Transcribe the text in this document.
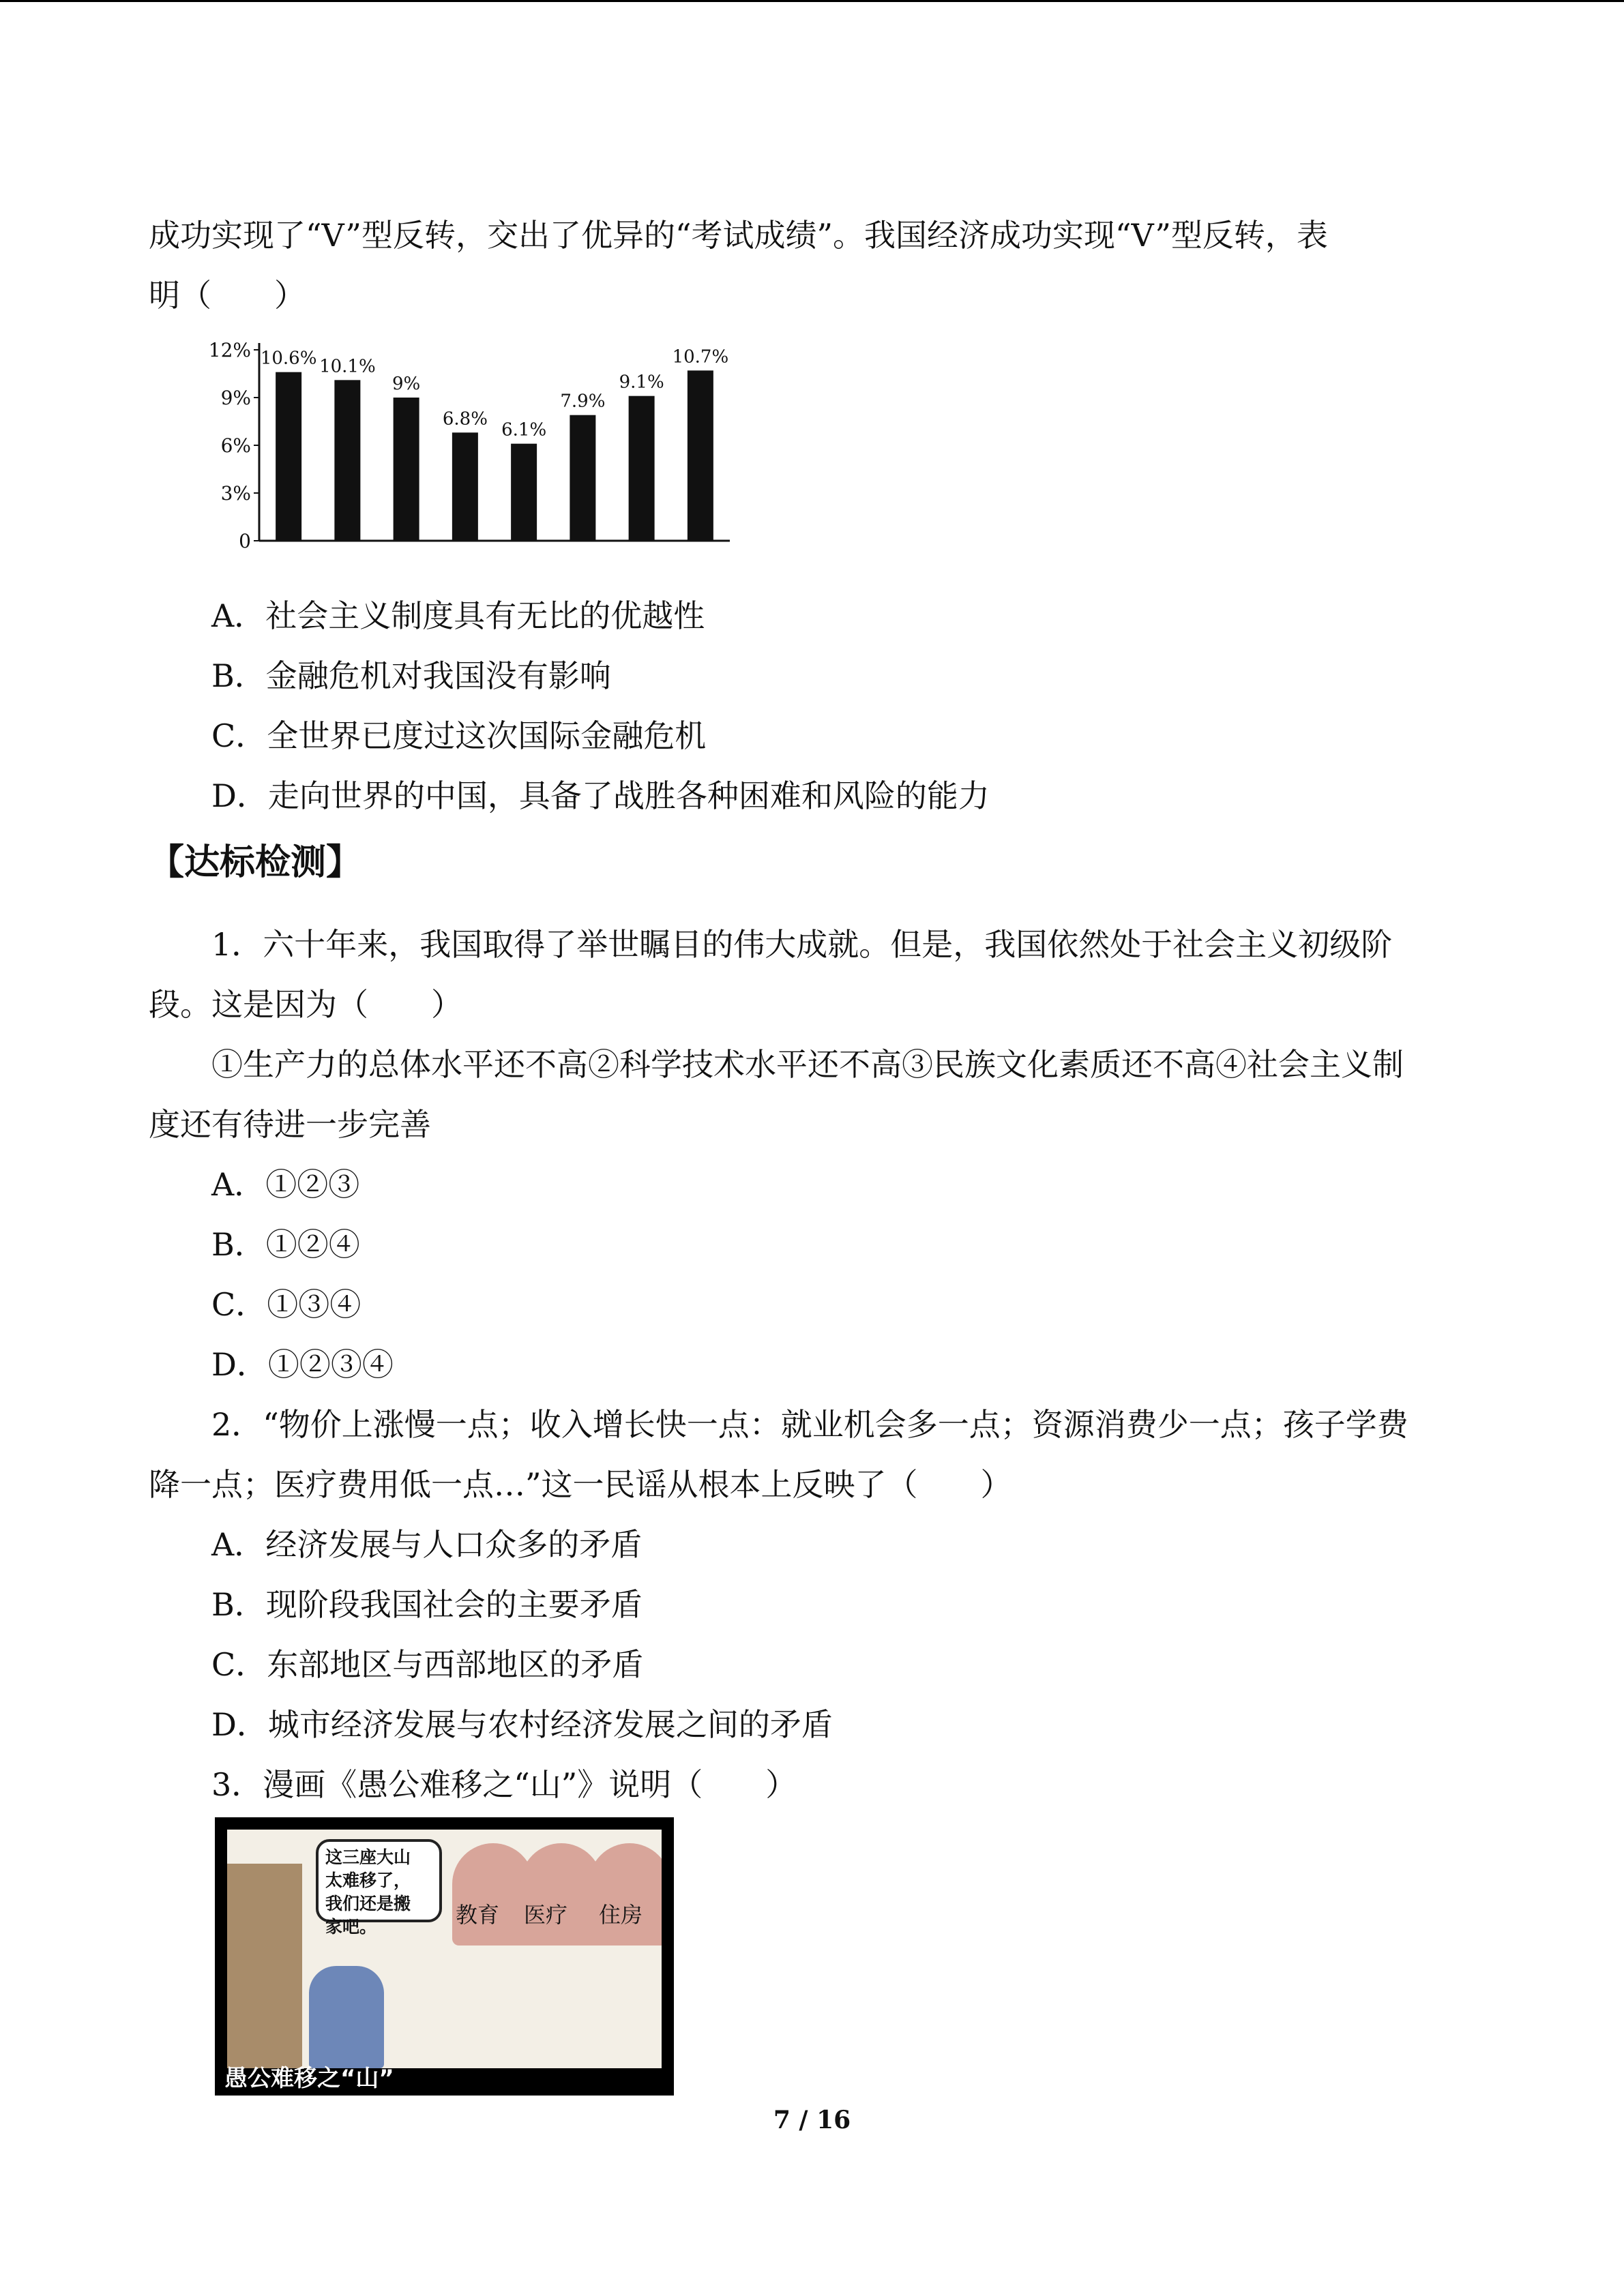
成功实现了“V”型反转，交出了优异的“考试成绩”。我国经济成功实现“V”型反转，表
明（　　）
0
3%
6%
9%
12% 10.6% 10.1%
9%
6.8%
6.1%
7.9%
9.1%
10.7%
A．社会主义制度具有无比的优越性
B．金融危机对我国没有影响
C．全世界已度过这次国际金融危机
D．走向世界的中国，具备了战胜各种困难和风险的能力
【达标检测】
1．六十年来，我国取得了举世瞩目的伟大成就。但是，我国依然处于社会主义初级阶
段。这是因为（　　）
①生产力的总体水平还不高②科学技术水平还不高③民族文化素质还不高④社会主义制
度还有待进一步完善
A．①②③
B．①②④
C．①③④
D．①②③④
2．“物价上涨慢一点；收入增长快一点：就业机会多一点；资源消费少一点；孩子学费
降一点；医疗费用低一点…”这一民谣从根本上反映了（　　）
A．经济发展与人口众多的矛盾
B．现阶段我国社会的主要矛盾
C．东部地区与西部地区的矛盾
D．城市经济发展与农村经济发展之间的矛盾
3．漫画《愚公难移之“山”》说明（　　）
这三座大山
太难移了，
我们还是搬
家吧。	教育 医疗 住房
愚公难移之“山”
7 / 16
